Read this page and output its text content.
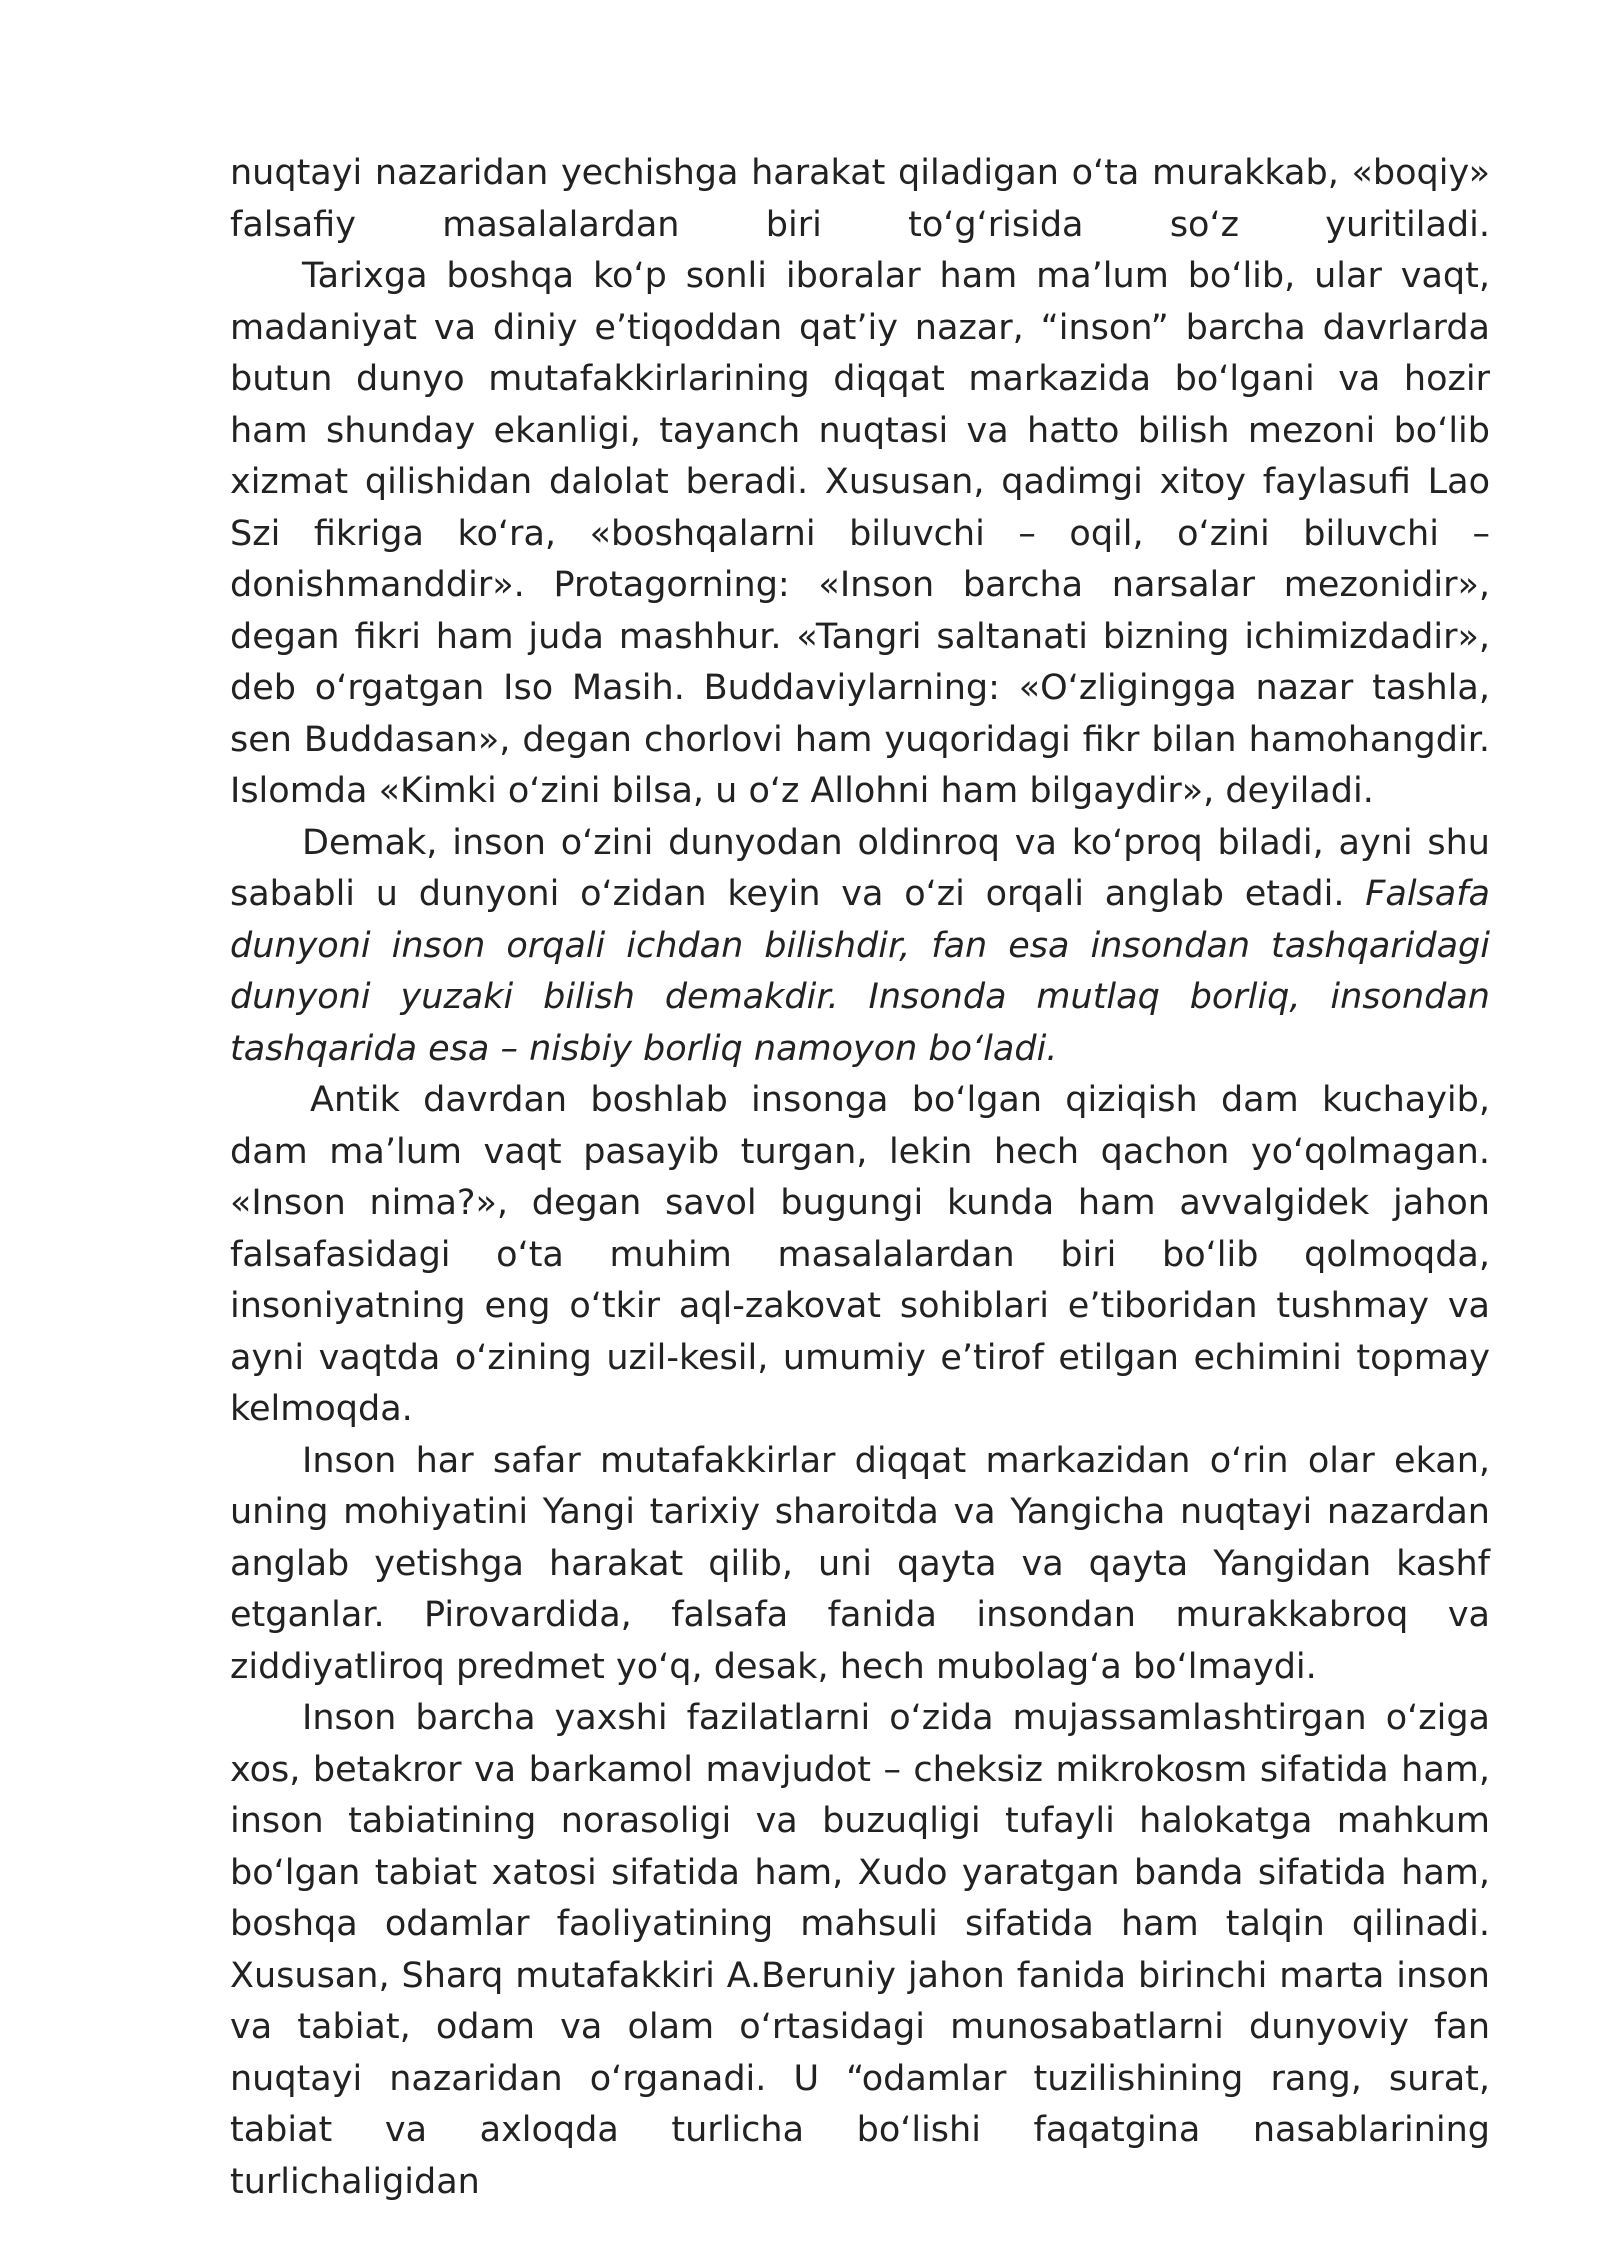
nuqtayi nazaridan yechishga harakat qiladigan o‘ta murakkab, «boqiy» falsafiy masalalardan biri to‘g‘risida so‘z yuritiladi.

Tarixga boshqa ko‘p sonli iboralar ham ma’lum bo‘lib, ular vaqt, madaniyat va diniy e’tiqoddan qat’iy nazar, “inson” barcha davrlarda butun dunyo mutafakkirlarining diqqat markazida bo‘lgani va hozir ham shunday ekanligi, tayanch nuqtasi va hatto bilish mezoni bo‘lib xizmat qilishidan dalolat beradi. Xususan, qadimgi xitoy faylasufi Lao Szi fikriga ko‘ra, «boshqalarni biluvchi – oqil, o‘zini biluvchi – donishmanddir». Protagorning: «Inson barcha narsalar mezonidir», degan fikri ham juda mashhur. «Tangri saltanati bizning ichimizdadir», deb o‘rgatgan Iso Masih. Buddaviylarning: «O‘zligingga nazar tashla, sen Buddasan», degan chorlovi ham yuqoridagi fikr bilan hamohangdir. Islomda «Kimki o‘zini bilsa, u o‘z Allohni ham bilgaydir», deyiladi.

Demak, inson o‘zini dunyodan oldinroq va ko‘proq biladi, ayni shu sababli u dunyoni o‘zidan keyin va o‘zi orqali anglab etadi. Falsafa dunyoni inson orqali ichdan bilishdir, fan esa insondan tashqaridagi dunyoni yuzaki bilish demakdir. Insonda mutlaq borliq, insondan tashqarida esa – nisbiy borliq namoyon bo‘ladi.

Antik davrdan boshlab insonga bo‘lgan qiziqish dam kuchayib, dam ma’lum vaqt pasayib turgan, lekin hech qachon yo‘qolmagan. «Inson nima?», degan savol bugungi kunda ham avvalgidek jahon falsafasidagi o‘ta muhim masalalardan biri bo‘lib qolmoqda, insoniyatning eng o‘tkir aql-zakovat sohiblari e’tiboridan tushmay va ayni vaqtda o‘zining uzil-kesil, umumiy e’tirof etilgan echimini topmay kelmoqda.

Inson har safar mutafakkirlar diqqat markazidan o‘rin olar ekan, uning mohiyatini Yangi tarixiy sharoitda va Yangicha nuqtayi nazardan anglab yetishga harakat qilib, uni qayta va qayta Yangidan kashf etganlar. Pirovardida, falsafa fanida insondan murakkabroq va ziddiyatliroq predmet yo‘q, desak, hech mubolag‘a bo‘lmaydi.

Inson barcha yaxshi fazilatlarni o‘zida mujassamlashtirgan o‘ziga xos, betakror va barkamol mavjudot – cheksiz mikrokosm sifatida ham, inson tabiatining norasoligi va buzuqligi tufayli halokatga mahkum bo‘lgan tabiat xatosi sifatida ham, Xudo yaratgan banda sifatida ham, boshqa odamlar faoliyatining mahsuli sifatida ham talqin qilinadi. Xususan, Sharq mutafakkiri A.Beruniy jahon fanida birinchi marta inson va tabiat, odam va olam o‘rtasidagi munosabatlarni dunyoviy fan nuqtayi nazaridan o‘rganadi. U “odamlar tuzilishining rang, surat, tabiat va axloqda turlicha bo‘lishi faqatgina nasablarining turlichaligidan
